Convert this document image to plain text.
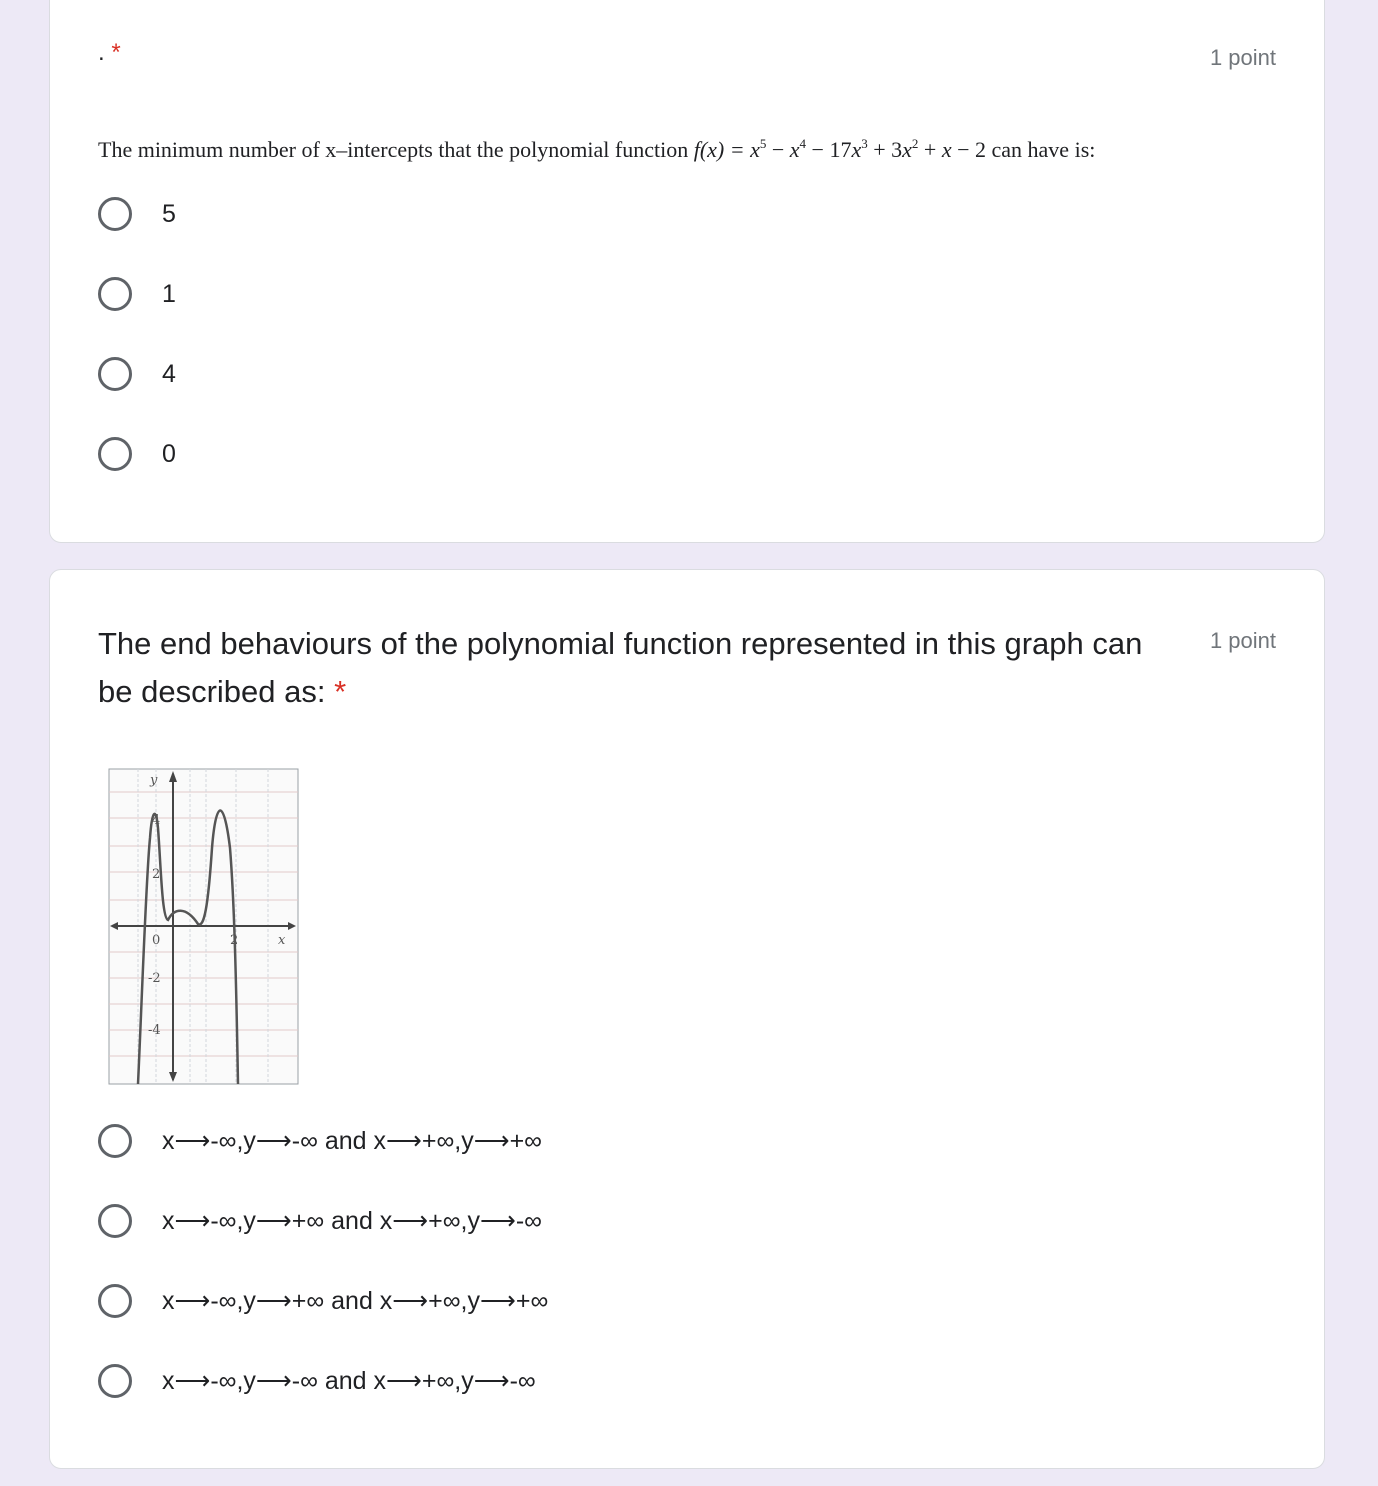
. *	1 point
The minimum number of x–intercepts that the polynomial function $f(x) = x^5 - x^4 - 17x^3 + 3x^2 + x - 2$ can have is:
5
1
4
0
The end behaviours of the polynomial function represented in this graph can be described as: *
1 point
y
x
0	2
2
4
-2
-4
x⟶-∞,y⟶-∞ and x⟶+∞,y⟶+∞
x⟶-∞,y⟶+∞ and x⟶+∞,y⟶-∞
x⟶-∞,y⟶+∞ and x⟶+∞,y⟶+∞
x⟶-∞,y⟶-∞ and x⟶+∞,y⟶-∞
